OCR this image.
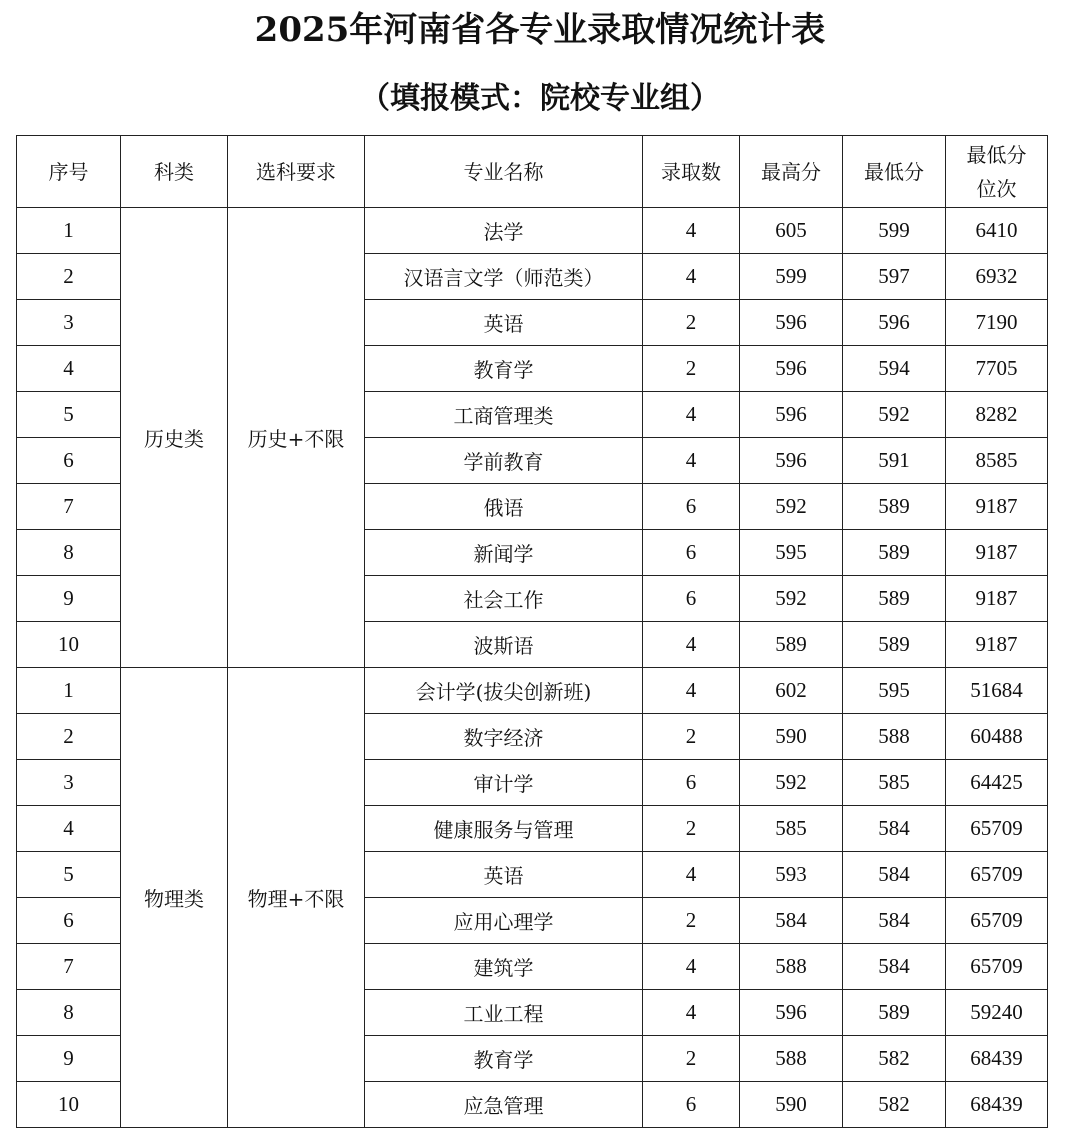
2025年河南省各专业录取情况统计表
（填报模式：院校专业组）
序号	科类	选科要求	专业名称	录取数	最高分	最低分	最低分
位次

1	历史类	历史+不限	法学	4	605	599	6410
2			汉语言文学（师范类）	4	599	597	6932
3			英语	2	596	596	7190
4			教育学	2	596	594	7705
5			工商管理类	4	596	592	8282
6			学前教育	4	596	591	8585
7			俄语	6	592	589	9187
8			新闻学	6	595	589	9187
9			社会工作	6	592	589	9187
10			波斯语	4	589	589	9187
1	物理类	物理+不限	会计学(拔尖创新班)	4	602	595	51684
2			数字经济	2	590	588	60488
3			审计学	6	592	585	64425
4			健康服务与管理	2	585	584	65709
5			英语	4	593	584	65709
6			应用心理学	2	584	584	65709
7			建筑学	4	588	584	65709
8			工业工程	4	596	589	59240
9			教育学	2	588	582	68439
10			应急管理	6	590	582	68439
